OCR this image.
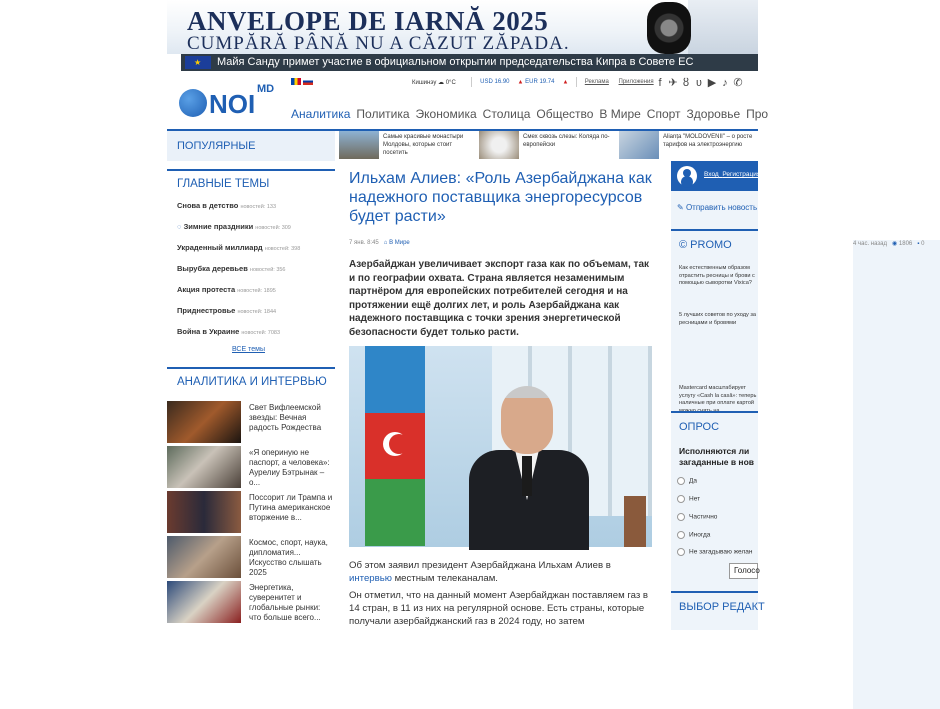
ANVELOPE DE IARNĂ 2025
CUMPĂRĂ PÂNĂ NU A CĂZUT ZĂPADA.
★Майя Санду примет участие в официальном открытии председательства Кипра в Совете ЕС
NOI MD
Кишинэу ☁ 0°C	USD 16.90 ▲ EUR 19.74 ▲	Реклама Приложения f ✈ ȣ ʋ ▶ ♪ ✆
Аналитика Политика Экономика Столица Общество В Мире Спорт Здоровье Про
ПОПУЛЯРНЫЕ
ГЛАВНЫЕ ТЕМЫ
Снова в детство новостей: 133
◌ Зимние праздники новостей: 309
Украденный миллиард новостей: 398
Вырубка деревьев новостей: 356
Акция протеста новостей: 1895
Приднестровье новостей: 1844
Война в Украине новостей: 7083
ВСЕ темы
АНАЛИТИКА И ИНТЕРВЬЮ
Свет Вифлеемской звезды: Вечная радость Рождества
«Я опериную не паспорт, а человека»: Аурелиу Бэтрынак – о...
Поссорит ли Трампа и Путина американское вторжение в...
Космос, спорт, наука, дипломатия... Искусство слышать 2025
Энергетика, суверенитет и глобальные рынки: что больше всего...
Самые красивые монастыри Молдовы, которые стоит посетить
Смех сквозь слезы: Коляда по-европейски
Alianța "MOLDOVENII" – о росте тарифов на электроэнергию
Ильхам Алиев: «Роль Азербайджана как надежного поставщика энергоресурсов будет расти»
7 янв. 8:45   ⌂ В Мире	4 час. назад   ◉ 1806   ▪ 0
Азербайджан увеличивает экспорт газа как по объемам, так и по географии охвата. Страна является незаменимым партнёром для европейских потребителей сегодня и на протяжении ещё долгих лет, и роль Азербайджана как надежного поставщика с точки зрения энергетической безопасности будет только расти.
Об этом заявил президент Азербайджана Ильхам Алиев в интервью местным телеканалам.
Он отметил, что на данный момент Азербайджан поставляем газ в 14 стран, в 11 из них на регулярной основе. Есть страны, которые получали азербайджанский газ в 2024 году, но затем
Вход Регистрация
✎ Отправить новость
© PROMO
Как естественным образом отрастить ресницы и брови с помощью сыворотки Vixica?
5 лучших советов по уходу за ресницами и бровями
Mastercard масштабирует услугу «Cash la casă»: теперь наличные при оплате картой
ОПРОС
Исполняются ли загаданные в нов
Да
Нет
Частично
Иногда
Не загадываю желан
Голосо
ВЫБОР РЕДАКТ
